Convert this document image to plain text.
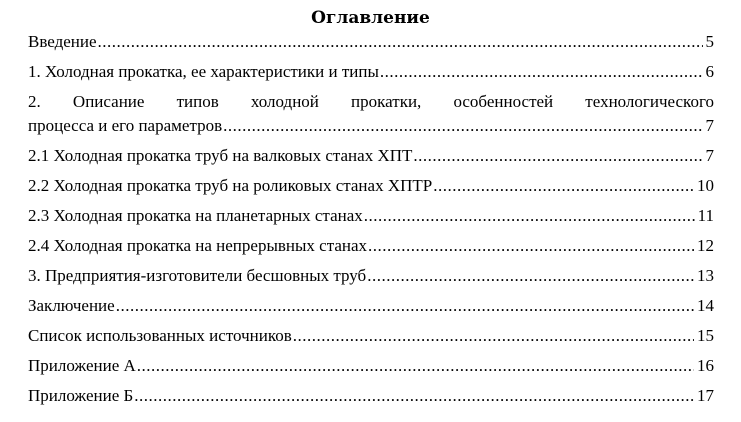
Оглавление
Введение .....	5
1. Холодная прокатка, ее характеристики и типы .....	6
2. Описание типов холодной прокатки, особенностей технологического
процесса и его параметров .....	7
2.1 Холодная прокатка труб на валковых станах ХПТ .....	7
2.2 Холодная прокатка труб на роликовых станах ХПТР .....	10
2.3 Холодная прокатка на планетарных станах .....	11
2.4 Холодная прокатка на непрерывных станах .....	12
3. Предприятия-изготовители бесшовных труб .....	13
Заключение .....	14
Список использованных источников .....	15
Приложение А .....	16
Приложение Б .....	17
